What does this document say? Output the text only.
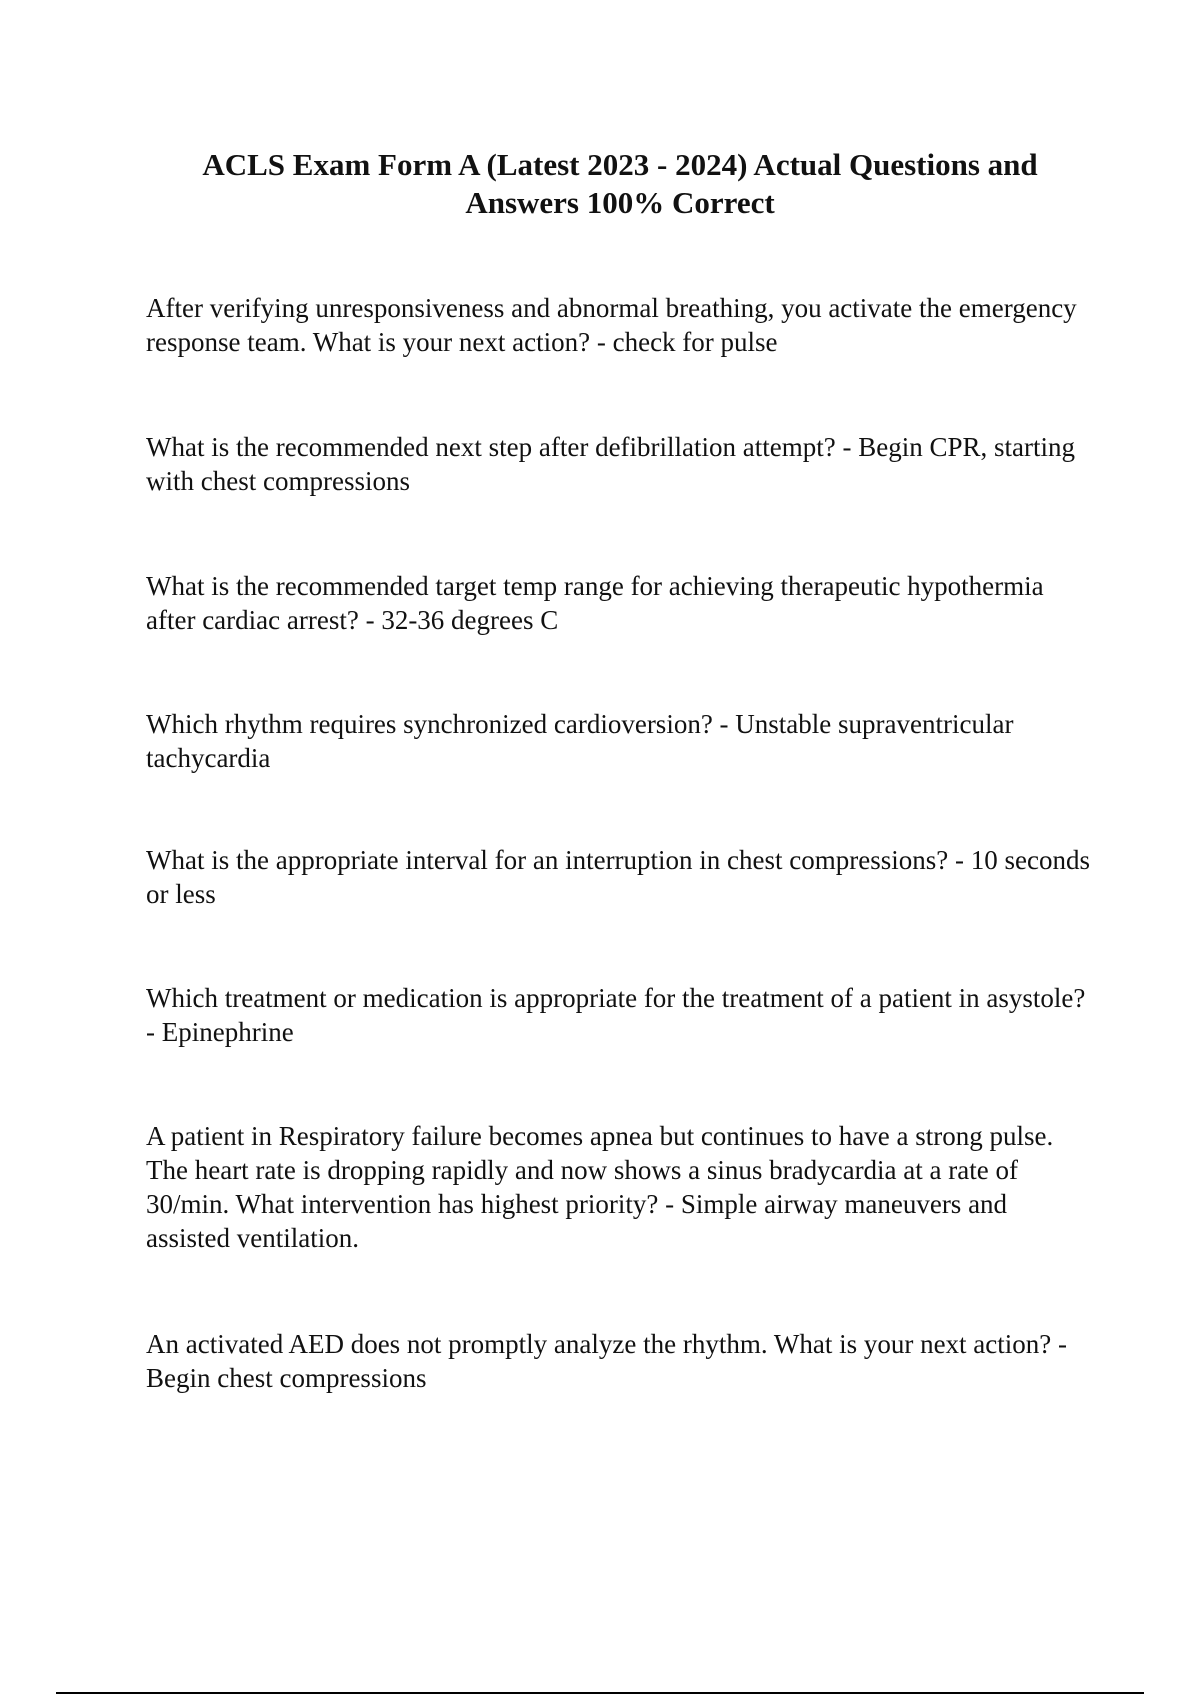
ACLS Exam Form A (Latest 2023 - 2024) Actual Questions and Answers 100% Correct

After verifying unresponsiveness and abnormal breathing, you activate the emergency response team. What is your next action? - check for pulse

What is the recommended next step after defibrillation attempt? - Begin CPR, starting with chest compressions

What is the recommended target temp range for achieving therapeutic hypothermia after cardiac arrest? - 32-36 degrees C

Which rhythm requires synchronized cardioversion? - Unstable supraventricular tachycardia

What is the appropriate interval for an interruption in chest compressions? - 10 seconds or less

Which treatment or medication is appropriate for the treatment of a patient in asystole? - Epinephrine

A patient in Respiratory failure becomes apnea but continues to have a strong pulse. The heart rate is dropping rapidly and now shows a sinus bradycardia at a rate of 30/min. What intervention has highest priority? - Simple airway maneuvers and assisted ventilation.

An activated AED does not promptly analyze the rhythm. What is your next action? - Begin chest compressions
